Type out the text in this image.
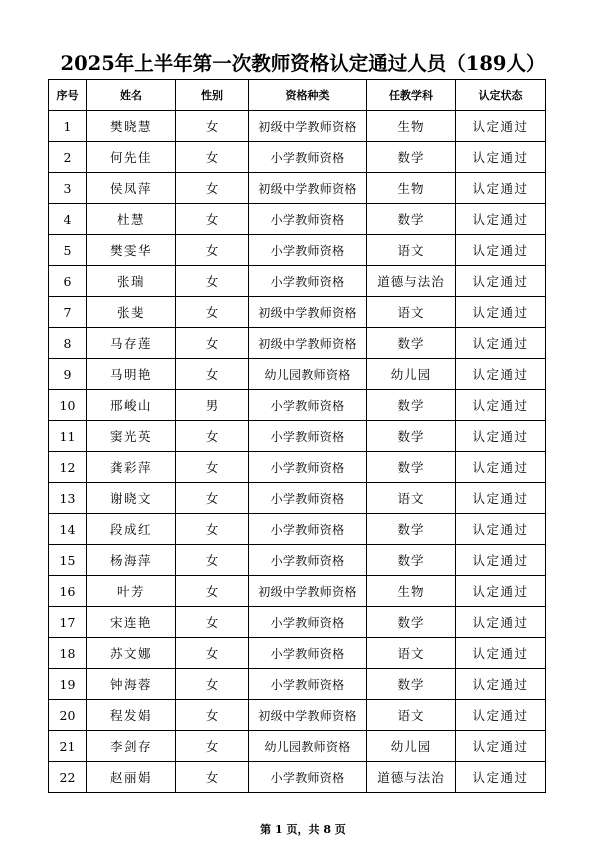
2025年上半年第一次教师资格认定通过人员（189人）
序号	姓名	性别	资格种类	任教学科	认定状态
1	樊晓慧	女	初级中学教师资格	生物	认定通过
2	何先佳	女	小学教师资格	数学	认定通过
3	侯凤萍	女	初级中学教师资格	生物	认定通过
4	杜慧	女	小学教师资格	数学	认定通过
5	樊雯华	女	小学教师资格	语文	认定通过
6	张瑞	女	小学教师资格	道德与法治	认定通过
7	张斐	女	初级中学教师资格	语文	认定通过
8	马存莲	女	初级中学教师资格	数学	认定通过
9	马明艳	女	幼儿园教师资格	幼儿园	认定通过
10	邢峻山	男	小学教师资格	数学	认定通过
11	窦光英	女	小学教师资格	数学	认定通过
12	龚彩萍	女	小学教师资格	数学	认定通过
13	谢晓文	女	小学教师资格	语文	认定通过
14	段成红	女	小学教师资格	数学	认定通过
15	杨海萍	女	小学教师资格	数学	认定通过
16	叶芳	女	初级中学教师资格	生物	认定通过
17	宋连艳	女	小学教师资格	数学	认定通过
18	苏文娜	女	小学教师资格	语文	认定通过
19	钟海蓉	女	小学教师资格	数学	认定通过
20	程发娟	女	初级中学教师资格	语文	认定通过
21	李剑存	女	幼儿园教师资格	幼儿园	认定通过
22	赵丽娟	女	小学教师资格	道德与法治	认定通过
第 1 页，共 8 页
